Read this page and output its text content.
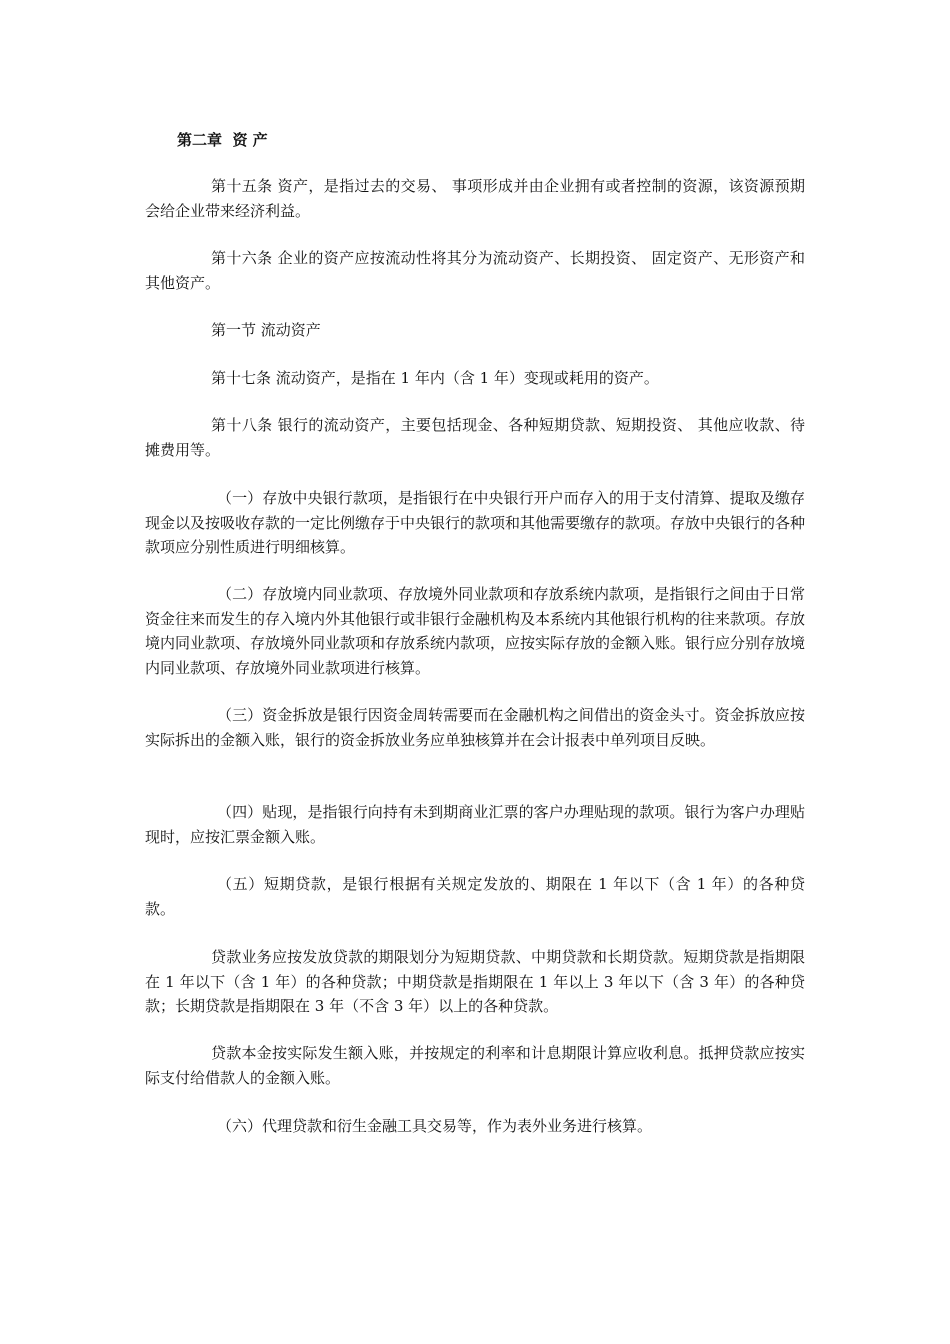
第二章  资 产

第十五条 资产，是指过去的交易、 事项形成并由企业拥有或者控制的资源，该资源预期会给企业带来经济利益。

第十六条 企业的资产应按流动性将其分为流动资产、长期投资、 固定资产、无形资产和其他资产。

第一节 流动资产

第十七条 流动资产，是指在 1 年内（含 1 年）变现或耗用的资产。

第十八条 银行的流动资产，主要包括现金、各种短期贷款、短期投资、 其他应收款、待摊费用等。

（一）存放中央银行款项，是指银行在中央银行开户而存入的用于支付清算、提取及缴存现金以及按吸收存款的一定比例缴存于中央银行的款项和其他需要缴存的款项。存放中央银行的各种款项应分别性质进行明细核算。

（二）存放境内同业款项、存放境外同业款项和存放系统内款项，是指银行之间由于日常资金往来而发生的存入境内外其他银行或非银行金融机构及本系统内其他银行机构的往来款项。存放境内同业款项、存放境外同业款项和存放系统内款项，应按实际存放的金额入账。银行应分别存放境内同业款项、存放境外同业款项进行核算。

（三）资金拆放是银行因资金周转需要而在金融机构之间借出的资金头寸。资金拆放应按实际拆出的金额入账，银行的资金拆放业务应单独核算并在会计报表中单列项目反映。

（四）贴现，是指银行向持有未到期商业汇票的客户办理贴现的款项。银行为客户办理贴现时，应按汇票金额入账。

（五）短期贷款，是银行根据有关规定发放的、期限在 1 年以下（含 1 年）的各种贷款。

贷款业务应按发放贷款的期限划分为短期贷款、中期贷款和长期贷款。短期贷款是指期限在 1 年以下（含 1 年）的各种贷款；中期贷款是指期限在 1 年以上 3 年以下（含 3 年）的各种贷款；长期贷款是指期限在 3 年（不含 3 年）以上的各种贷款。

贷款本金按实际发生额入账，并按规定的利率和计息期限计算应收利息。抵押贷款应按实际支付给借款人的金额入账。

（六）代理贷款和衍生金融工具交易等，作为表外业务进行核算。
